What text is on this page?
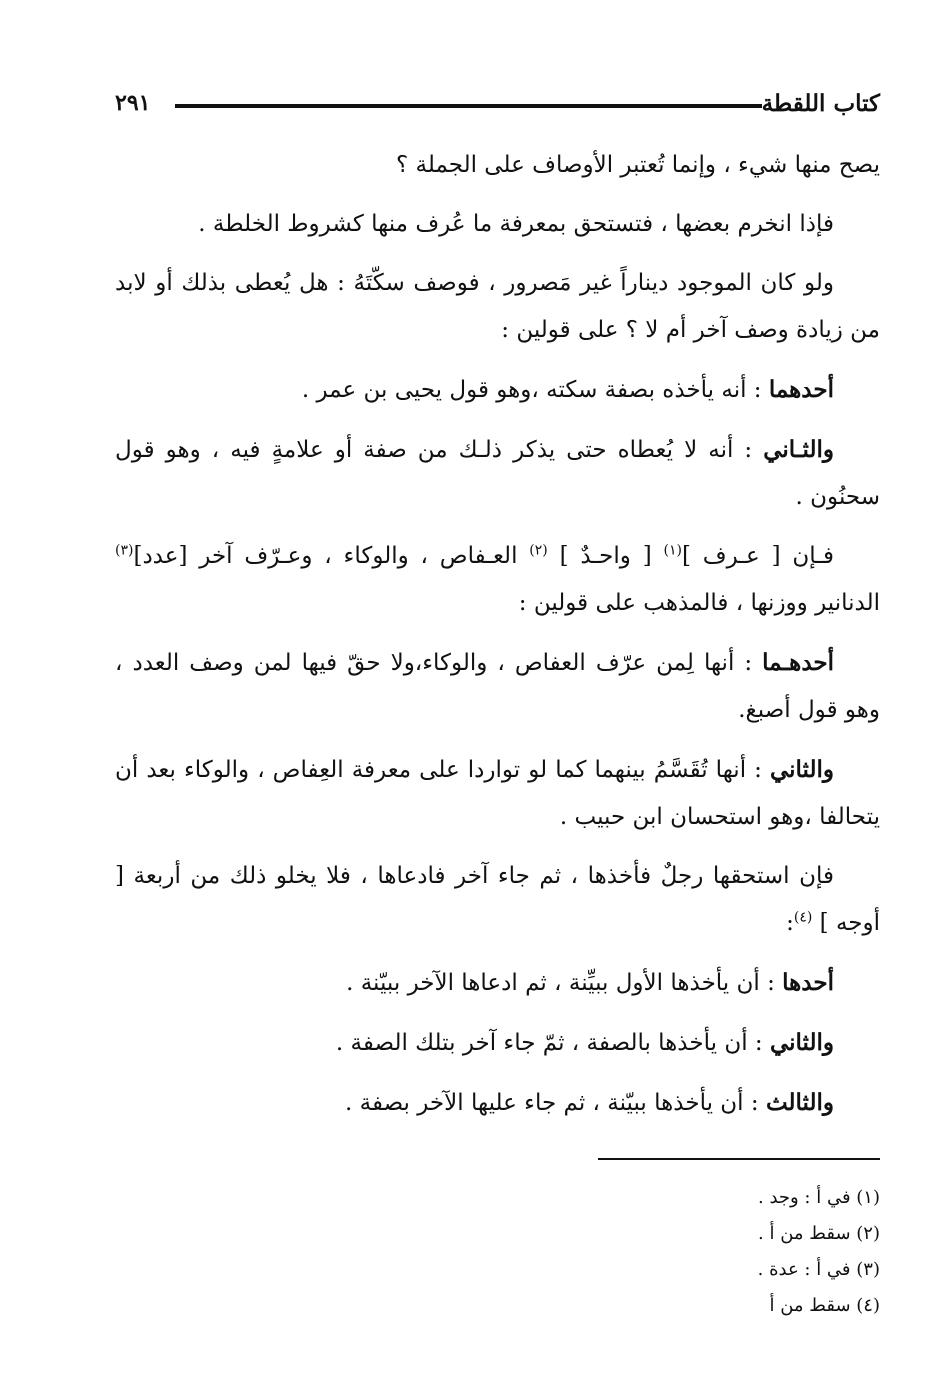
كتاب اللقطة
٢٩١

يصح منها شيء ، وإنما تُعتبر الأوصاف على الجملة ؟

فإذا انخرم بعضها ، فتستحق بمعرفة ما عُرف منها كشروط الخلطة .

ولو كان الموجود ديناراً غير مَصرور ، فوصف سكّتَهُ : هل يُعطى بذلك أو لابد من زيادة وصف آخر أم لا ؟ على قولين :

أحدهما : أنه يأخذه بصفة سكته ،وهو قول يحيى بن عمر .

والثـاني : أنه لا يُعطاه حتى يذكر ذلـك من صفة أو علامةٍ فيه ، وهو قول سحنُون .

فـإن [ عـرف ]$^{(١)}$ [ واحـدٌ ] $^{(٢)}$ العـفاص ، والوكاء ، وعـرّف آخر [عدد]$^{(٣)}$ الدنانير ووزنها ، فالمذهب على قولين :

أحدهـما : أنها لِمن عرّف العفاص ، والوكاء،ولا حقّ فيها لمن وصف العدد ، وهو قول أصبغ.

والثاني : أنها تُقَسَّمُ بينهما كما لو تواردا على معرفة العِفاص ، والوكاء بعد أن يتحالفا ،وهو استحسان ابن حبيب .

فإن استحقها رجلٌ فأخذها ، ثم جاء آخر فادعاها ، فلا يخلو ذلك من أربعة [ أوجه ] $^{(٤)}$:

أحدها : أن يأخذها الأول ببيِّنة ، ثم ادعاها الآخر ببيّنة .

والثاني : أن يأخذها بالصفة ، ثمّ جاء آخر بتلك الصفة .

والثالث : أن يأخذها ببيّنة ، ثم جاء عليها الآخر بصفة .

(١) في أ : وجد .
(٢) سقط من أ .
(٣) في أ : عدة .
(٤) سقط من أ
